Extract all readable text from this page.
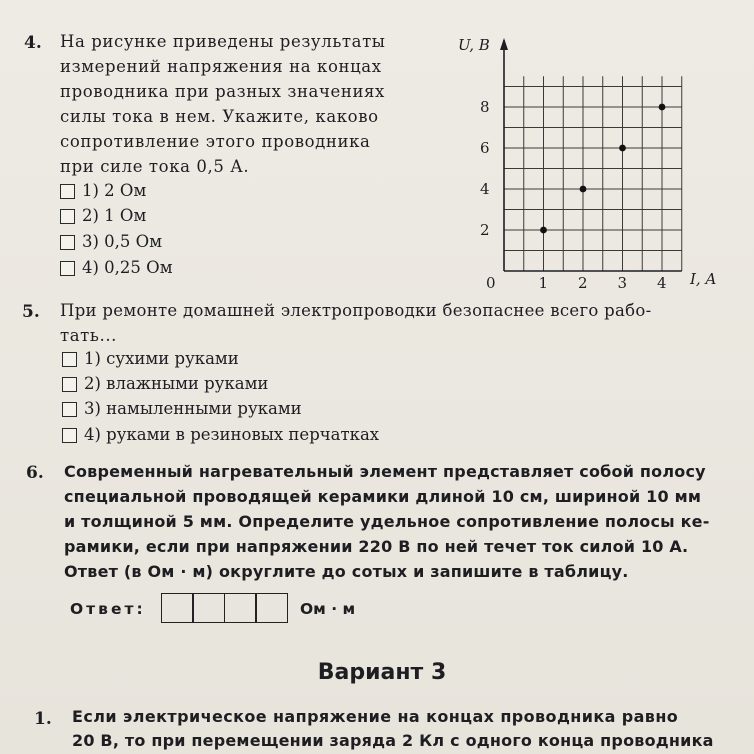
4. На рисунке приведены результаты
измерений напряжения на концах
проводника при разных значениях
силы тока в нем. Укажите, каково
сопротивление этого проводника
при силе тока 0,5 А.
1) 2 Ом
2) 1 Ом
3) 0,5 Ом
4) 0,25 Ом
0	1 2 3 4
2
4
6
8
U, B
I, A
5. При ремонте домашней электропроводки безопаснее всего рабо-
тать...
1) сухими руками
2) влажными руками
3) намыленными руками
4) руками в резиновых перчатках
6. Современный нагревательный элемент представляет собой полосу
специальной проводящей керамики длиной 10 см, шириной 10 мм
и толщиной 5 мм. Определите удельное сопротивление полосы ке-
рамики, если при напряжении 220 В по ней течет ток силой 10 А.
Ответ (в Ом · м) округлите до сотых и запишите в таблицу.
Ответ:	Ом · м
Вариант 3
1. Если электрическое напряжение на концах проводника равно
20 В, то при перемещении заряда 2 Кл с одного конца проводника
